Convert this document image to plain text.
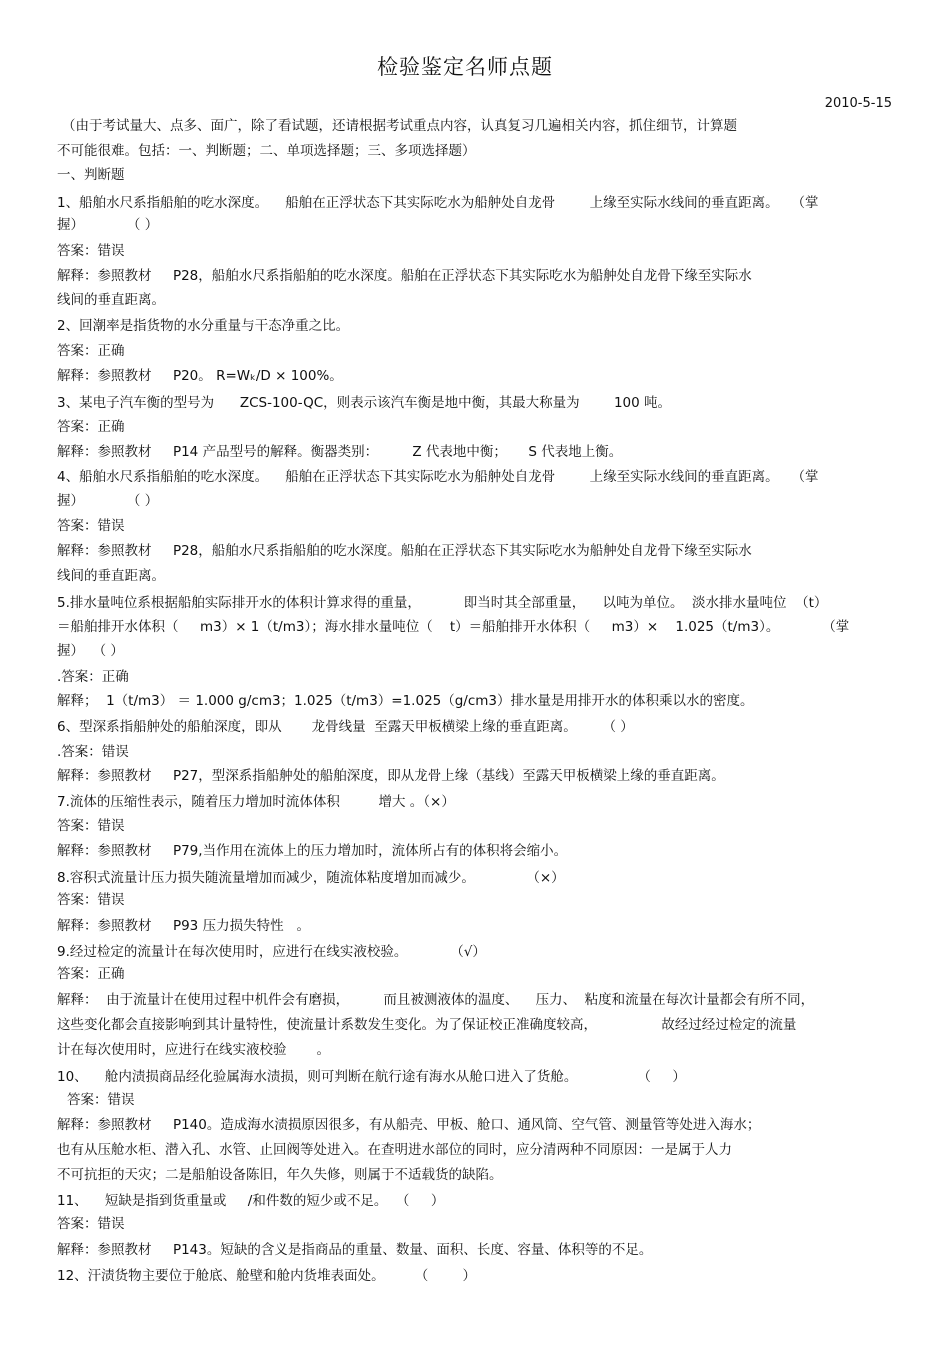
检验鉴定名师点题
2010-5-15
（由于考试量大、点多、面广，除了看试题，还请根据考试重点内容，认真复习几遍相关内容，抓住细节，计算题
不可能很难。包括：一、判断题；二、单项选择题；三、多项选择题）
一、判断题
1、船舶水尺系指船舶的吃水深度。    船舶在正浮状态下其实际吃水为船舯处自龙骨        上缘至实际水线间的垂直距离。   （掌
握）          （ ）
答案：错误
解释：参照教材     P28，船舶水尺系指船舶的吃水深度。船舶在正浮状态下其实际吃水为船舯处自龙骨下缘至实际水
线间的垂直距离。
2、回潮率是指货物的水分重量与干态净重之比。
答案：正确
解释：参照教材     P20。 R=Wₖ/D × 100%。
3、某电子汽车衡的型号为      ZCS-100-QC，则表示该汽车衡是地中衡，其最大称量为        100 吨。
答案：正确
解释：参照教材     P14 产品型号的解释。衡器类别：        Z 代表地中衡；     S 代表地上衡。
4、船舶水尺系指船舶的吃水深度。    船舶在正浮状态下其实际吃水为船舯处自龙骨        上缘至实际水线间的垂直距离。   （掌
握）          （ ）
答案：错误
解释：参照教材     P28，船舶水尺系指船舶的吃水深度。船舶在正浮状态下其实际吃水为船舯处自龙骨下缘至实际水
线间的垂直距离。
5.排水量吨位系根据船舶实际排开水的体积计算求得的重量，          即当时其全部重量，    以吨为单位。  淡水排水量吨位  （t）
＝船舶排开水体积（     m3）× 1（t/m3）；海水排水量吨位（    t）＝船舶排开水体积（     m3）×    1.025（t/m3）。          （掌
握）  （ ）
.答案：正确
解释；  1（t/m3） ＝ 1.000 g/cm3；1.025（t/m3）=1.025（g/cm3）排水量是用排开水的体积乘以水的密度。
6、型深系指船舯处的船舶深度，即从       龙骨线量  至露天甲板横梁上缘的垂直距离。      （ ）
.答案：错误
解释：参照教材     P27，型深系指船舯处的船舶深度，即从龙骨上缘（基线）至露天甲板横梁上缘的垂直距离。
7.流体的压缩性表示，随着压力增加时流体体积         增大 。（×）
答案：错误
解释：参照教材     P79,当作用在流体上的压力增加时，流体所占有的体积将会缩小。
8.容积式流量计压力损失随流量增加而减少，随流体粘度增加而减少。            （×）
答案：错误
解释：参照教材     P93 压力损失特性   。
9.经过检定的流量计在每次使用时，应进行在线实液校验。          （√）
答案：正确
解释：  由于流量计在使用过程中机件会有磨损，        而且被测液体的温度、    压力、  粘度和流量在每次计量都会有所不同，
这些变化都会直接影响到其计量特性，使流量计系数发生变化。为了保证校正准确度较高，               故经过经过检定的流量
计在每次使用时，应进行在线实液校验       。
10、    舱内渍损商品经化验属海水渍损，则可判断在航行途有海水从舱口进入了货舱。              （     ）
答案：错误
解释：参照教材     P140。造成海水渍损原因很多，有从船壳、甲板、舱口、通风筒、空气管、测量管等处进入海水；
也有从压舱水柜、潜入孔、水管、止回阀等处进入。在查明进水部位的同时，应分清两种不同原因：一是属于人力
不可抗拒的天灾；二是船舶设备陈旧，年久失修，则属于不适载货的缺陷。
11、    短缺是指到货重量或     /和件数的短少或不足。  （     ）
答案：错误
解释：参照教材     P143。短缺的含义是指商品的重量、数量、面积、长度、容量、体积等的不足。
12、汗渍货物主要位于舱底、舱壁和舱内货堆表面处。       （        ）
